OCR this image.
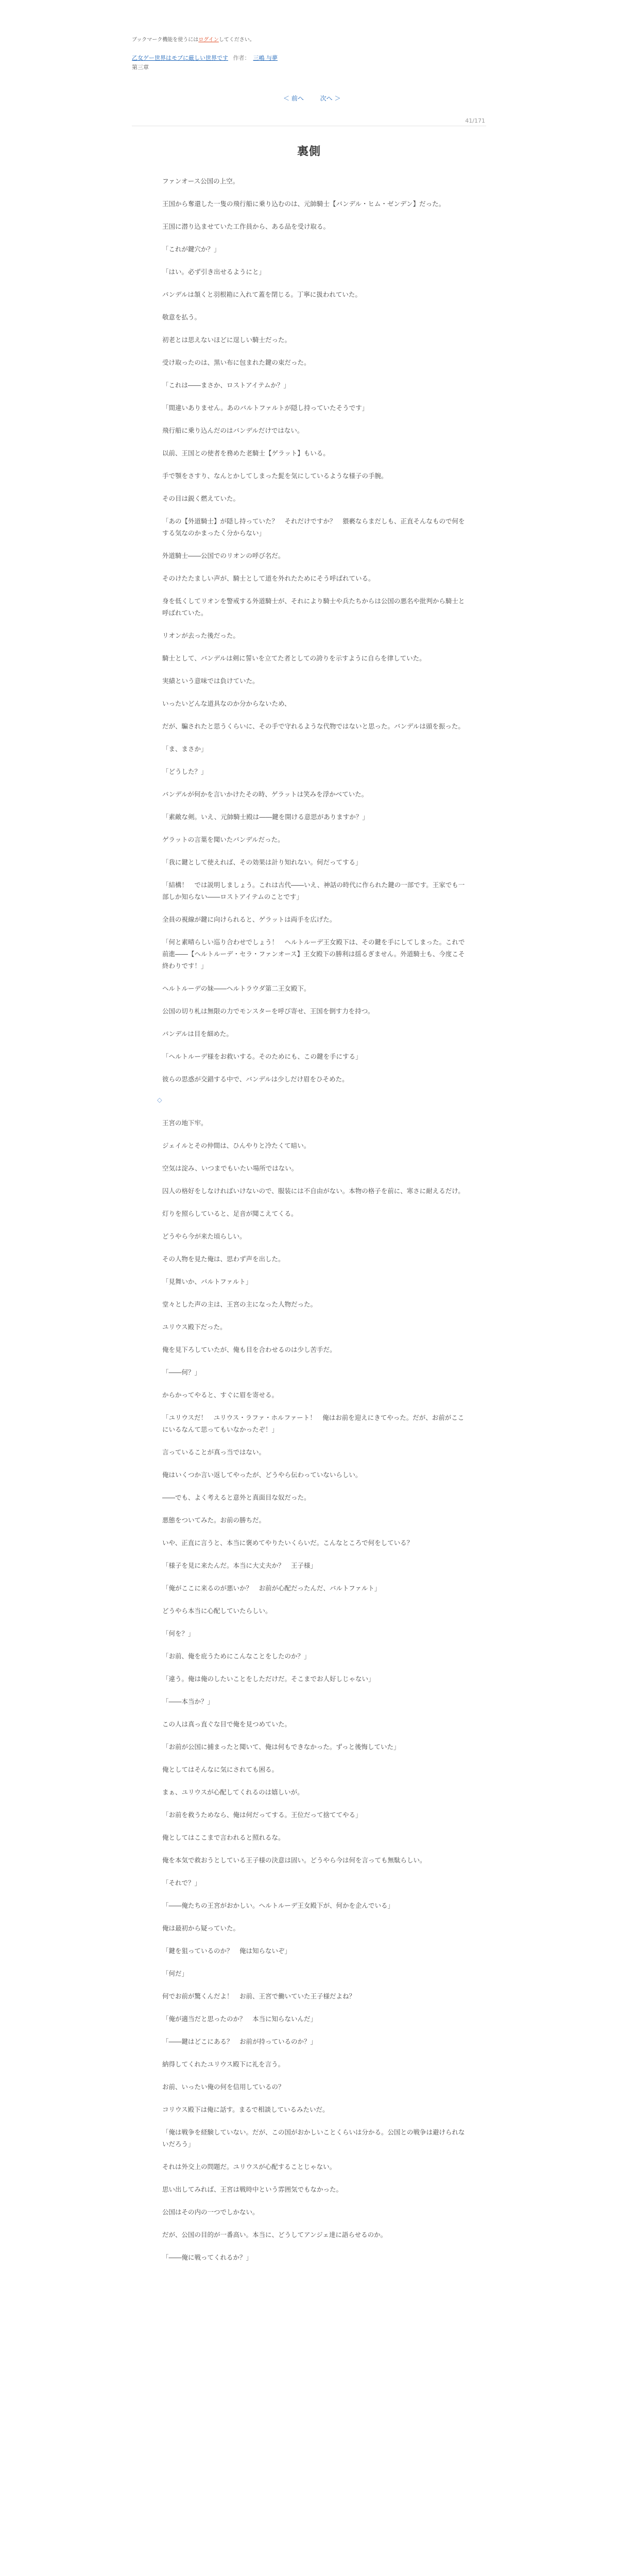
ブックマーク機能を使うにはログインしてください。
乙女ゲー世界はモブに厳しい世界です 作者： 三嶋 与夢
第三章
＜ 前へ	次へ ＞
41/171
裏側

ファンオース公国の上空。

王国から奪還した一隻の飛行船に乗り込むのは、元帥騎士【バンデル・ヒム・ゼンデン】だった。

王国に潜り込ませていた工作員から、ある品を受け取る。

「これが鍵穴か？」

「はい。必ず引き出せるようにと」

バンデルは頷くと羽根箱に入れて蓋を閉じる。丁寧に扱われていた。

敬意を払う。

初老とは思えないほどに逞しい騎士だった。

受け取ったのは、黒い布に包まれた鍵の束だった。

「これは――まさか、ロストアイテムか？」

「間違いありません。あのバルトファルトが隠し持っていたそうです」

飛行船に乗り込んだのはバンデルだけではない。

以前、王国との使者を務めた老騎士【ゲラット】もいる。

手で顎をさすり、なんとかしてしまった髭を気にしているような様子の手腕。

その目は鋭く燃えていた。

「あの【外道騎士】が隠し持っていた？　それだけですか？　猥褻ならまだしも、正直そんなもので何をする気なのかまったく分からない」

外道騎士――公国でのリオンの呼び名だ。

そのけたたましい声が、騎士として道を外れたためにそう呼ばれている。

身を低くしてリオンを警戒する外道騎士が、それにより騎士や兵たちからは公国の悪名や批判から騎士と呼ばれていた。

リオンが去った後だった。

騎士として、バンデルは剣に誓いを立てた者としての誇りを示すように自らを律していた。

実績という意味では負けていた。

いったいどんな道具なのか分からないため、

だが、騙されたと思うくらいに、その手で守れるような代物ではないと思った。バンデルは頭を振った。

「ま、まさか」

「どうした？」

バンデルが何かを言いかけたその時、ゲラットは笑みを浮かべていた。

「素敵な剣。いえ、元帥騎士殿は――鍵を開ける意思がありますか？」

ゲラットの言葉を聞いたバンデルだった。

「我に鍵として使えれば、その効果は計り知れない。何だってする」

「結構！　では説明しましょう。これは古代――いえ、神話の時代に作られた鍵の一部です。王家でも一部しか知らない――ロストアイテムのことです」

全員の視線が鍵に向けられると、ゲラットは両手を広げた。

「何と素晴らしい巡り合わせでしょう！　ヘルトルーデ王女殿下は、その鍵を手にしてしまった。これで前進――【ヘルトルーデ・セラ・ファンオース】王女殿下の勝利は揺るぎません。外道騎士も、今度こそ終わりです！」

ヘルトルーデの妹――ヘルトラウダ第二王女殿下。

公国の切り札は無限の力でモンスターを呼び寄せ、王国を倒す力を持つ。

バンデルは目を細めた。

「ヘルトルーデ様をお救いする。そのためにも、この鍵を手にする」

彼らの思惑が交錯する中で、バンデルは少しだけ眉をひそめた。

◇

王宮の地下牢。

ジェイルとその仲間は、ひんやりと冷たくて暗い。

空気は淀み、いつまでもいたい場所ではない。

囚人の格好をしなければいけないので、服装には不自由がない。本物の格子を前に、寒さに耐えるだけ。

灯りを照らしていると、足音が聞こえてくる。

どうやら今が来た頃らしい。

その人物を見た俺は、思わず声を出した。

「見舞いか、バルトファルト」

堂々とした声の主は、王宮の主になった人物だった。

ユリウス殿下だった。

俺を見下ろしていたが、俺も目を合わせるのは少し苦手だ。

「――何？」

からかってやると、すぐに眉を寄せる。

「ユリウスだ！　ユリウス・ラファ・ホルファート！　俺はお前を迎えにきてやった。だが、お前がここにいるなんて思ってもいなかったぞ！」

言っていることが真っ当ではない。

俺はいくつか言い返してやったが、どうやら伝わっていないらしい。

――でも、よく考えると意外と真面目な奴だった。

悪態をついてみた。お前の勝ちだ。

いや、正直に言うと、本当に褒めてやりたいくらいだ。こんなところで何をしている？

「様子を見に来たんだ。本当に大丈夫か？　王子様」

「俺がここに来るのが悪いか？　お前が心配だったんだ、バルトファルト」

どうやら本当に心配していたらしい。

「何を？」

「お前、俺を庇うためにこんなことをしたのか？」

「違う。俺は俺のしたいことをしただけだ。そこまでお人好しじゃない」

「――本当か？」

この人は真っ直ぐな目で俺を見つめていた。

「お前が公国に捕まったと聞いて、俺は何もできなかった。ずっと後悔していた」

俺としてはそんなに気にされても困る。

まぁ、ユリウスが心配してくれるのは嬉しいが。

「お前を救うためなら、俺は何だってする。王位だって捨ててやる」

俺としてはここまで言われると照れるな。

俺を本気で救おうとしている王子様の決意は固い。どうやら今は何を言っても無駄らしい。

「それで？」

「――俺たちの王宮がおかしい。ヘルトルーデ王女殿下が、何かを企んでいる」

俺は最初から疑っていた。

「鍵を狙っているのか？　俺は知らないぞ」

「何だ」

何でお前が驚くんだよ！　お前、王宮で働いていた王子様だよね？

「俺が適当だと思ったのか？　本当に知らないんだ」

「――鍵はどこにある？　お前が持っているのか？」

納得してくれたユリウス殿下に礼を言う。

お前、いったい俺の何を信用しているの？

コリウス殿下は俺に話す。まるで相談しているみたいだ。

「俺は戦争を経験していない。だが、この国がおかしいことくらいは分かる。公国との戦争は避けられないだろう」

それは外交上の問題だ。ユリウスが心配することじゃない。

思い出してみれば、王宮は戦時中という雰囲気でもなかった。

公国はその内の一つでしかない。

だが、公国の目的が一番高い。本当に、どうしてアンジェ達に語らせるのか。

「――俺に戦ってくれるか？」
